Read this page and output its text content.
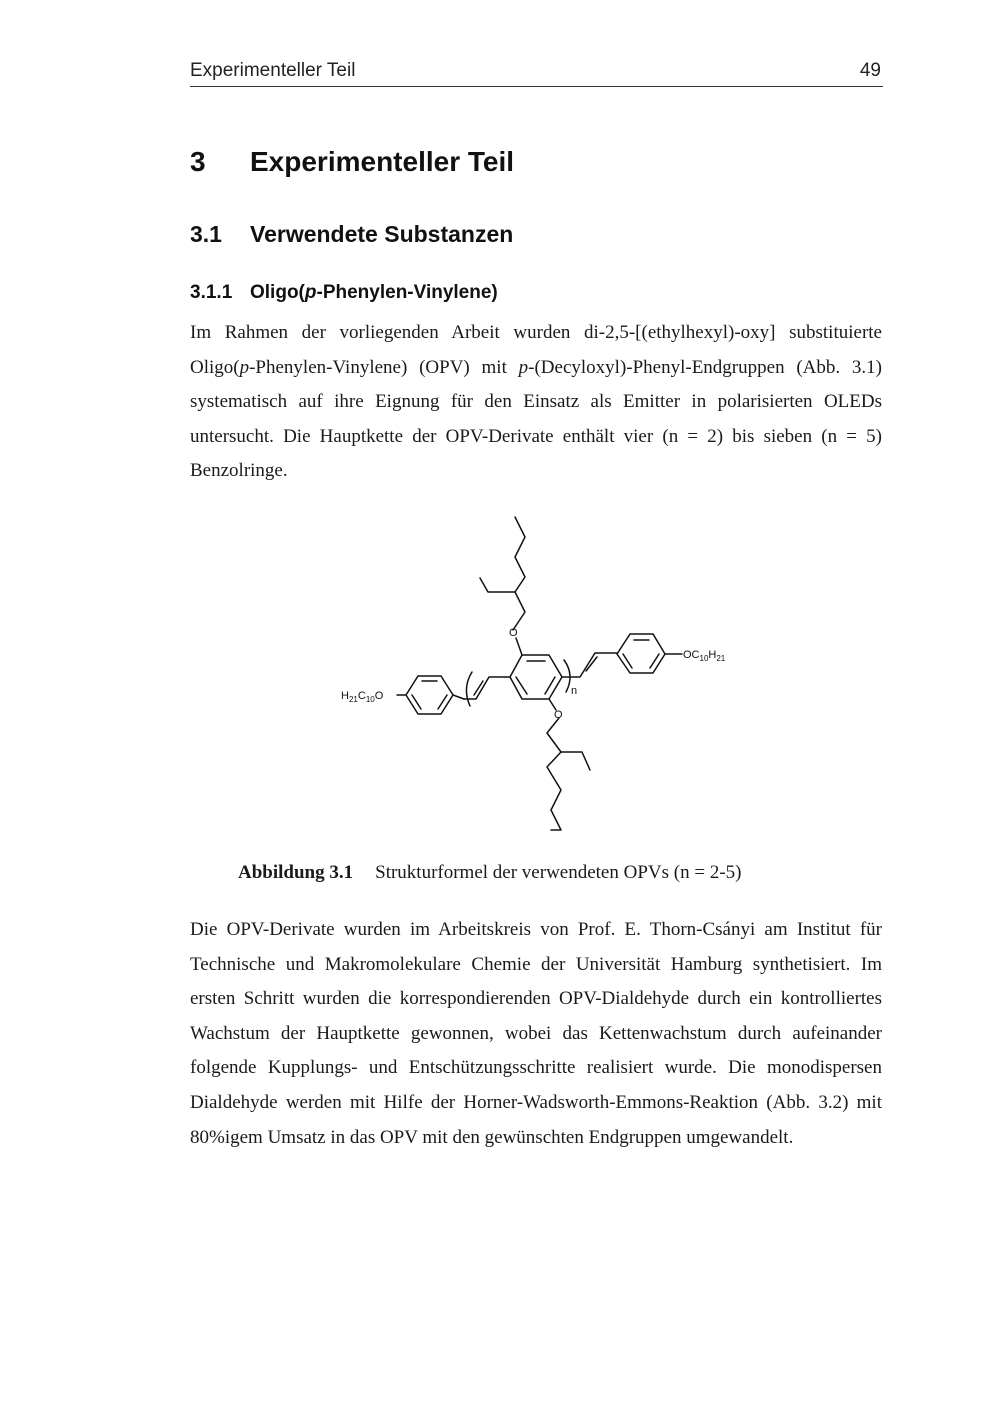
Experimenteller Teil	49
3 Experimenteller Teil
3.1 Verwendete Substanzen
3.1.1 Oligo(p-Phenylen-Vinylene)

Im Rahmen der vorliegenden Arbeit wurden di-2,5-[(ethylhexyl)-oxy] substituierte Oligo(p-Phenylen-Vinylene) (OPV) mit p-(Decyloxyl)-Phenyl-Endgruppen (Abb. 3.1) systematisch auf ihre Eignung für den Einsatz als Emitter in polarisierten OLEDs untersucht. Die Hauptkette der OPV-Derivate enthält vier (n = 2) bis sieben (n = 5) Benzolringe.

O
O
n
$H_{21}C_{10}O$
$OC_{10}H_{21}$
Abbildung 3.1 Strukturformel der verwendeten OPVs (n = 2-5)

Die OPV-Derivate wurden im Arbeitskreis von Prof. E. Thorn-Csányi am Institut für Technische und Makromolekulare Chemie der Universität Hamburg synthetisiert. Im ersten Schritt wurden die korrespondierenden OPV-Dialdehyde durch ein kontrolliertes Wachstum der Hauptkette gewonnen, wobei das Kettenwachstum durch aufeinander folgende Kupplungs- und Entschützungsschritte realisiert wurde. Die monodispersen Dialdehyde werden mit Hilfe der Horner-Wadsworth-Emmons-Reaktion (Abb. 3.2) mit 80%igem Umsatz in das OPV mit den gewünschten Endgruppen umgewandelt.
